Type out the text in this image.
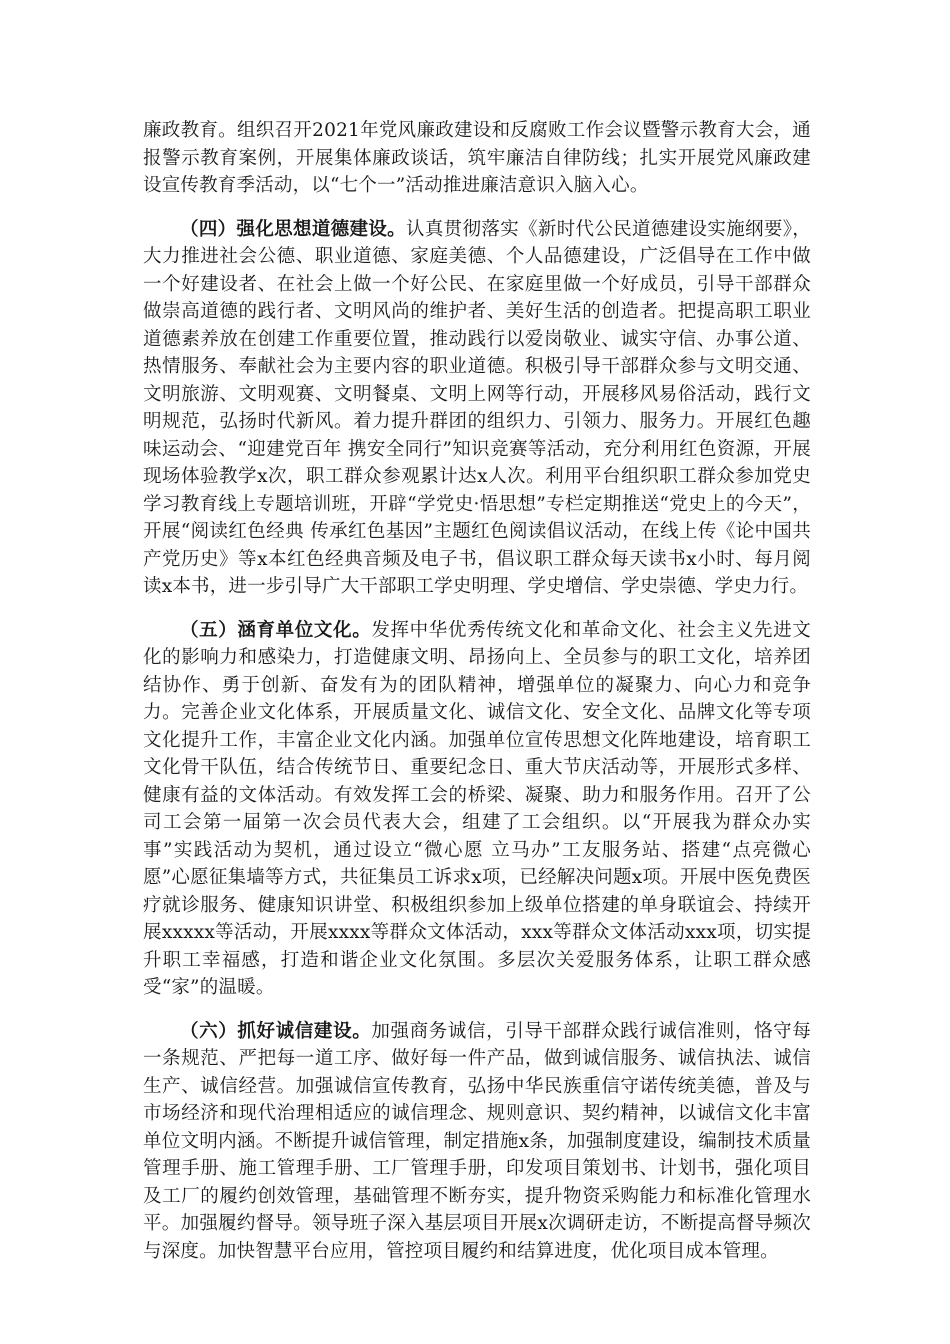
廉政教育。组织召开2021年党风廉政建设和反腐败工作会议暨警示教育大会，通报警示教育案例，开展集体廉政谈话，筑牢廉洁自律防线；扎实开展党风廉政建设宣传教育季活动，以“七个一”活动推进廉洁意识入脑入心。

（四）强化思想道德建设。认真贯彻落实《新时代公民道德建设实施纲要》，大力推进社会公德、职业道德、家庭美德、个人品德建设，广泛倡导在工作中做一个好建设者、在社会上做一个好公民、在家庭里做一个好成员，引导干部群众做崇高道德的践行者、文明风尚的维护者、美好生活的创造者。把提高职工职业道德素养放在创建工作重要位置，推动践行以爱岗敬业、诚实守信、办事公道、热情服务、奉献社会为主要内容的职业道德。积极引导干部群众参与文明交通、文明旅游、文明观赛、文明餐桌、文明上网等行动，开展移风易俗活动，践行文明规范，弘扬时代新风。着力提升群团的组织力、引领力、服务力。开展红色趣味运动会、“迎建党百年 携安全同行”知识竞赛等活动，充分利用红色资源，开展现场体验教学x次，职工群众参观累计达x人次。利用平台组织职工群众参加党史学习教育线上专题培训班，开辟“学党史·悟思想”专栏定期推送“党史上的今天”，开展“阅读红色经典 传承红色基因”主题红色阅读倡议活动，在线上传《论中国共产党历史》等x本红色经典音频及电子书，倡议职工群众每天读书x小时、每月阅读x本书，进一步引导广大干部职工学史明理、学史增信、学史崇德、学史力行。

（五）涵育单位文化。发挥中华优秀传统文化和革命文化、社会主义先进文化的影响力和感染力，打造健康文明、昂扬向上、全员参与的职工文化，培养团结协作、勇于创新、奋发有为的团队精神，增强单位的凝聚力、向心力和竞争力。完善企业文化体系，开展质量文化、诚信文化、安全文化、品牌文化等专项文化提升工作，丰富企业文化内涵。加强单位宣传思想文化阵地建设，培育职工文化骨干队伍，结合传统节日、重要纪念日、重大节庆活动等，开展形式多样、健康有益的文体活动。有效发挥工会的桥梁、凝聚、助力和服务作用。召开了公司工会第一届第一次会员代表大会，组建了工会组织。以“开展我为群众办实事”实践活动为契机，通过设立“微心愿 立马办”工友服务站、搭建“点亮微心愿”心愿征集墙等方式，共征集员工诉求x项，已经解决问题x项。开展中医免费医疗就诊服务、健康知识讲堂、积极组织参加上级单位搭建的单身联谊会、持续开展xxxxx等活动，开展xxxx等群众文体活动，xxx等群众文体活动xxx项，切实提升职工幸福感，打造和谐企业文化氛围。多层次关爱服务体系，让职工群众感受“家”的温暖。

（六）抓好诚信建设。加强商务诚信，引导干部群众践行诚信准则，恪守每一条规范、严把每一道工序、做好每一件产品，做到诚信服务、诚信执法、诚信生产、诚信经营。加强诚信宣传教育，弘扬中华民族重信守诺传统美德，普及与市场经济和现代治理相适应的诚信理念、规则意识、契约精神，以诚信文化丰富单位文明内涵。不断提升诚信管理，制定措施x条，加强制度建设，编制技术质量管理手册、施工管理手册、工厂管理手册，印发项目策划书、计划书，强化项目及工厂的履约创效管理，基础管理不断夯实，提升物资采购能力和标准化管理水平。加强履约督导。领导班子深入基层项目开展x次调研走访，不断提高督导频次与深度。加快智慧平台应用，管控项目履约和结算进度，优化项目成本管理。
